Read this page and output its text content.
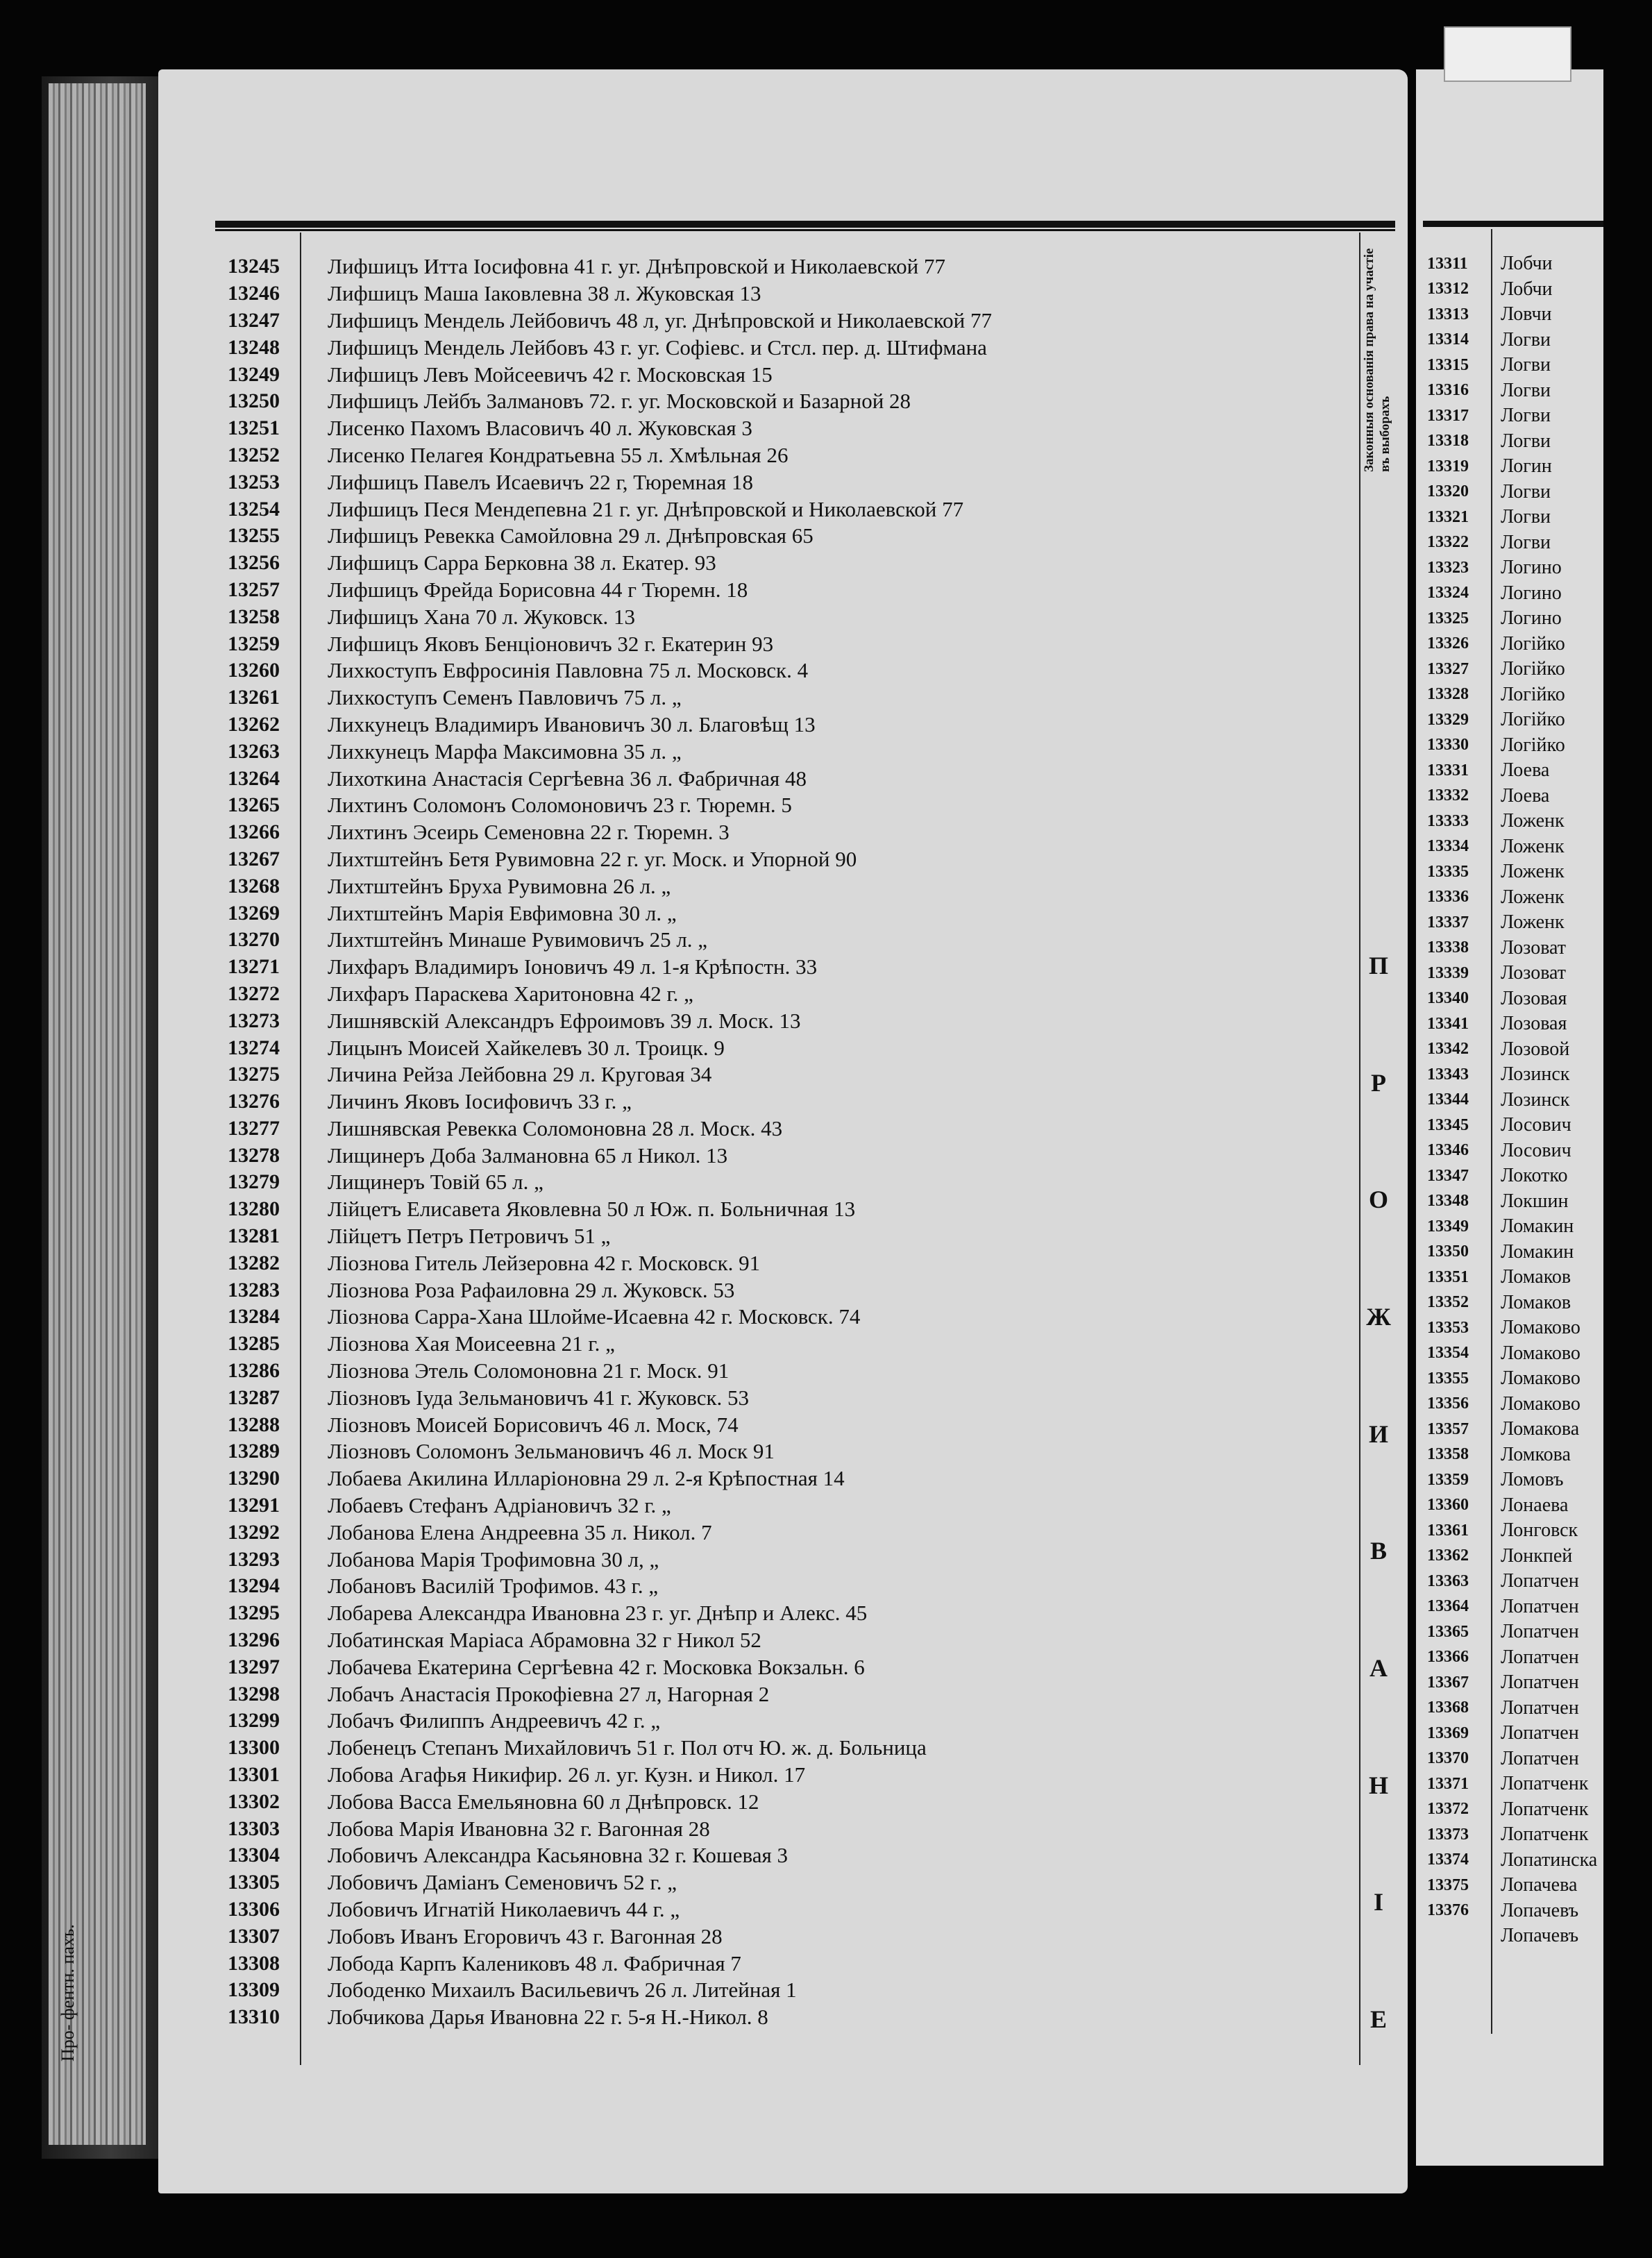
Про- фентн. пахъ.
13245	Лифшицъ Итта Іосифовна 41 г. уг. Днѣпровской и Николаевской 77
13246	Лифшицъ Маша Іаковлевна 38 л. Жуковская 13
13247	Лифшицъ Мендель Лейбовичъ 48 л, уг. Днѣпровской и Николаевской 77
13248	Лифшицъ Мендель Лейбовъ 43 г. уг. Софіевс. и Стсл. пер. д. Штифмана
13249	Лифшицъ Левъ Мойсеевичъ 42 г. Московская 15
13250	Лифшицъ Лейбъ Залмановъ 72. г. уг. Московской и Базарной 28
13251	Лисенко Пахомъ Власовичъ 40 л. Жуковская 3
13252	Лисенко Пелагея Кондратьевна 55 л. Хмѣльная 26
13253	Лифшицъ Павелъ Исаевичъ 22 г, Тюремная 18
13254	Лифшицъ Песя Мендепевна 21 г. уг. Днѣпровской и Николаевской 77
13255	Лифшицъ Ревекка Самойловна 29 л. Днѣпровская 65
13256	Лифшицъ Сарра Берковна 38 л. Екатер. 93
13257	Лифшицъ Фрейда Борисовна 44 г Тюремн. 18
13258	Лифшицъ Хана 70 л. Жуковск. 13
13259	Лифшицъ Яковъ Бенціоновичъ 32 г. Екатерин 93
13260	Лихкоступъ Евфросинія Павловна 75 л. Московск. 4
13261	Лихкоступъ Семенъ Павловичъ 75 л. „
13262	Лихкунецъ Владимиръ Ивановичъ 30 л. Благовѣщ 13
13263	Лихкунецъ Марфа Максимовна 35 л. „
13264	Лихоткина Анастасія Сергѣевна 36 л. Фабричная 48
13265	Лихтинъ Соломонъ Соломоновичъ 23 г. Тюремн. 5
13266	Лихтинъ Эсеирь Семеновна 22 г. Тюремн. 3
13267	Лихтштейнъ Бетя Рувимовна 22 г. уг. Моск. и Упорной 90
13268	Лихтштейнъ Бруха Рувимовна 26 л. „
13269	Лихтштейнъ Марія Евфимовна 30 л. „
13270	Лихтштейнъ Минаше Рувимовичъ 25 л. „
13271	Лихфаръ Владимиръ Іоновичъ 49 л. 1-я Крѣпостн. 33
13272	Лихфаръ Параскева Харитоновна 42 г. „
13273	Лишнявскій Александръ Ефроимовъ 39 л. Моск. 13
13274	Лицынъ Моисей Хайкелевъ 30 л. Троицк. 9
13275	Личина Рейза Лейбовна 29 л. Круговая 34
13276	Личинъ Яковъ Іосифовичъ 33 г. „
13277	Лишнявская Ревекка Соломоновна 28 л. Моск. 43
13278	Лищинеръ Доба Залмановна 65 л Никол. 13
13279	Лищинеръ Товій 65 л. „
13280	Лійцетъ Елисавета Яковлевна 50 л Юж. п. Больничная 13
13281	Лійцетъ Петръ Петровичъ 51 „
13282	Ліознова Гитель Лейзеровна 42 г. Московск. 91
13283	Ліознова Роза Рафаиловна 29 л. Жуковск. 53
13284	Ліознова Сарра-Хана Шлойме-Исаевна 42 г. Московск. 74
13285	Ліознова Хая Моисеевна 21 г. „
13286	Ліознова Этель Соломоновна 21 г. Моск. 91
13287	Ліозновъ Іуда Зельмановичъ 41 г. Жуковск. 53
13288	Ліозновъ Моисей Борисовичъ 46 л. Моск, 74
13289	Ліозновъ Соломонъ Зельмановичъ 46 л. Моск 91
13290	Лобаева Акилина Илларіоновна 29 л. 2-я Крѣпостная 14
13291	Лобаевъ Стефанъ Адріановичъ 32 г. „
13292	Лобанова Елена Андреевна 35 л. Никол. 7
13293	Лобанова Марія Трофимовна 30 л, „
13294	Лобановъ Василій Трофимов. 43 г. „
13295	Лобарева Александра Ивановна 23 г. уг. Днѣпр и Алекс. 45
13296	Лобатинская Маріаса Абрамовна 32 г Никол 52
13297	Лобачева Екатерина Сергѣевна 42 г. Московка Вокзальн. 6
13298	Лобачъ Анастасія Прокофіевна 27 л, Нагорная 2
13299	Лобачъ Филиппъ Андреевичъ 42 г. „
13300	Лобенецъ Степанъ Михайловичъ 51 г. Пол отч Ю. ж. д. Больница
13301	Лобова Агафья Никифир. 26 л. уг. Кузн. и Никол. 17
13302	Лобова Васса Емельяновна 60 л Днѣпровск. 12
13303	Лобова Марія Ивановна 32 г. Вагонная 28
13304	Лобовичъ Александра Касьяновна 32 г. Кошевая 3
13305	Лобовичъ Даміанъ Семеновичъ 52 г. „
13306	Лобовичъ Игнатій Николаевичъ 44 г. „
13307	Лобовъ Иванъ Егоровичъ 43 г. Вагонная 28
13308	Лобода Карпъ Калениковъ 48 л. Фабричная 7
13309	Лободенко Михаилъ Васильевичъ 26 л. Литейная 1
13310	Лобчикова Дарья Ивановна 22 г. 5-я Н.-Никол. 8
Законныя основанія права на участіе въ выборахъ
П
Р
О
Ж
И
В
А
Н
І
Е
13311	Лобчи
13312	Лобчи
13313	Ловчи
13314	Логви
13315	Логви
13316	Логви
13317	Логви
13318	Логви
13319	Логин
13320	Логви
13321	Логви
13322	Логви
13323	Логино
13324	Логино
13325	Логино
13326	Логійко
13327	Логійко
13328	Логійко
13329	Логійко
13330	Логійко
13331	Лоева
13332	Лоева
13333	Ложенк
13334	Ложенк
13335	Ложенк
13336	Ложенк
13337	Ложенк
13338	Лозоват
13339	Лозоват
13340	Лозовая
13341	Лозовая
13342	Лозовой
13343	Лозинск
13344	Лозинск
13345	Лосович
13346	Лосович
13347	Локотко
13348	Локшин
13349	Ломакин
13350	Ломакин
13351	Ломаков
13352	Ломаков
13353	Ломаково
13354	Ломаково
13355	Ломаково
13356	Ломаково
13357	Ломакова
13358	Ломкова
13359	Ломовъ
13360	Лонаева
13361	Лонговск
13362	Лонкпей
13363	Лопатчен
13364	Лопатчен
13365	Лопатчен
13366	Лопатчен
13367	Лопатчен
13368	Лопатчен
13369	Лопатчен
13370	Лопатчен
13371	Лопатченк
13372	Лопатченк
13373	Лопатченк
13374	Лопатинска
13375	Лопачева
13376	Лопачевъ
Лопачевъ
